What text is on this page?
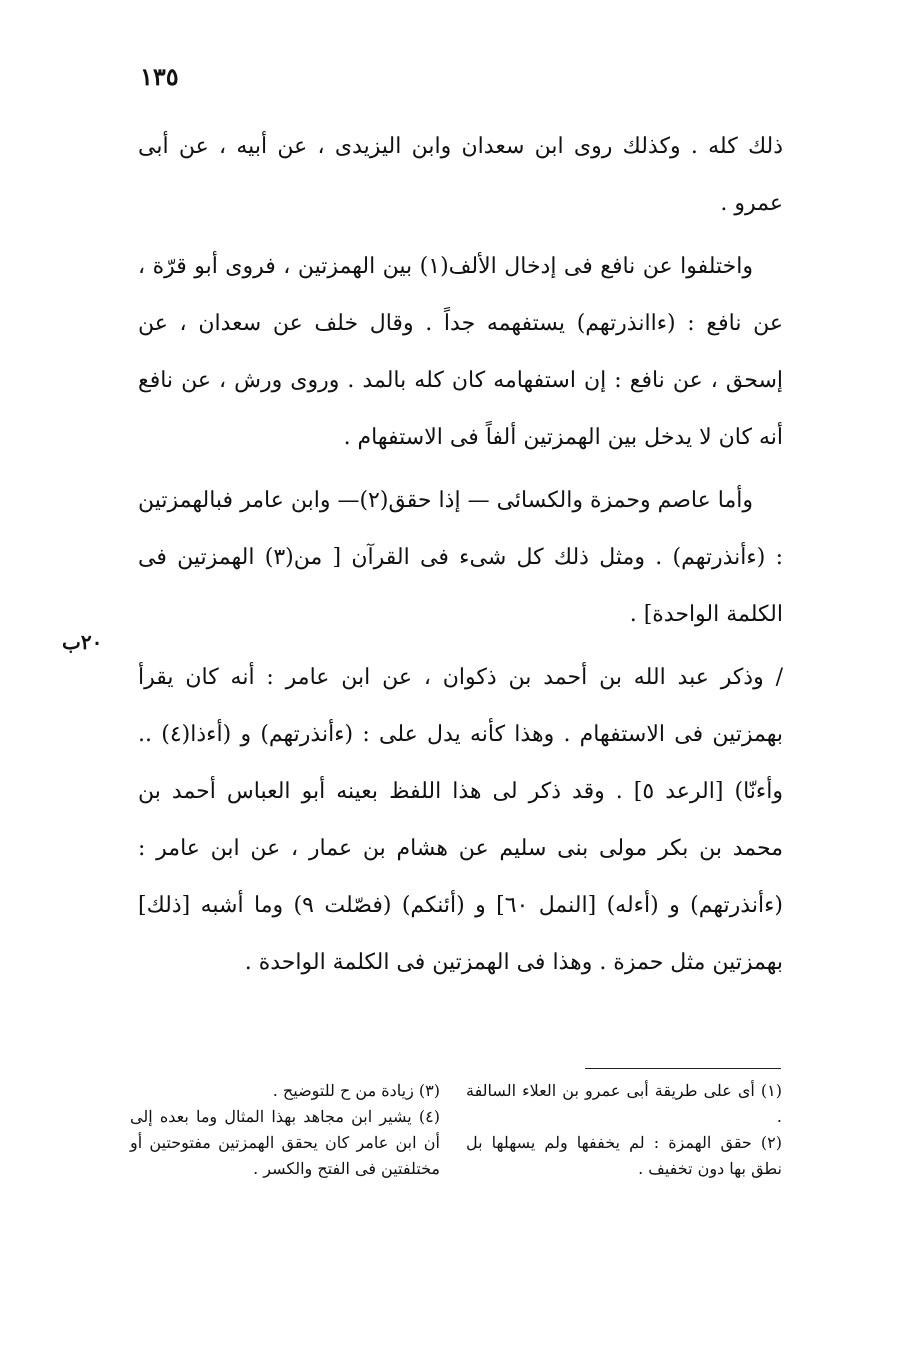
١٣٥

ذلك كله . وكذلك روى ابن سعدان وابن اليزيدى ، عن أبيه ، عن أبى عمرو .

واختلفوا عن نافع فى إدخال الألف(١) بين الهمزتين ، فروى أبو قرّة ، عن نافع : (ءاانذرتهم) يستفهمه جداً . وقال خلف عن سعدان ، عن إسحق ، عن نافع : إن استفهامه كان كله بالمد . وروى ورش ، عن نافع أنه كان لا يدخل بين الهمزتين ألفاً فى الاستفهام .

وأما عاصم وحمزة والكسائى — إذا حقق(٢)— وابن عامر فبالهمزتين : (ءأنذرتهم) . ومثل ذلك كل شىء فى القرآن [ من(٣) الهمزتين فى الكلمة الواحدة] .

/ وذكر عبد الله بن أحمد بن ذكوان ، عن ابن عامر : أنه كان يقرأ بهمزتين فى الاستفهام . وهذا كأنه يدل على : (ءأنذرتهم) و (أءذا(٤) .. وأءنّا) [الرعد ٥] . وقد ذكر لى هذا اللفظ بعينه أبو العباس أحمد بن محمد بن بكر مولى بنى سليم عن هشام بن عمار ، عن ابن عامر : (ءأنذرتهم) و (أءله) [النمل ٦٠] و (أئنكم) (فصّلت ٩) وما أشبه [ذلك] بهمزتين مثل حمزة . وهذا فى الهمزتين فى الكلمة الواحدة .

٢٠ب

(١) أى على طريقة أبى عمرو بن العلاء السالفة .

(٢) حقق الهمزة : لم يخففها ولم يسهلها بل نطق بها دون تخفيف .

(٣) زيادة من ح للتوضيح .

(٤) يشير ابن مجاهد بهذا المثال وما بعده إلى أن ابن عامر كان يحقق الهمزتين مفتوحتين أو مختلفتين فى الفتح والكسر .
